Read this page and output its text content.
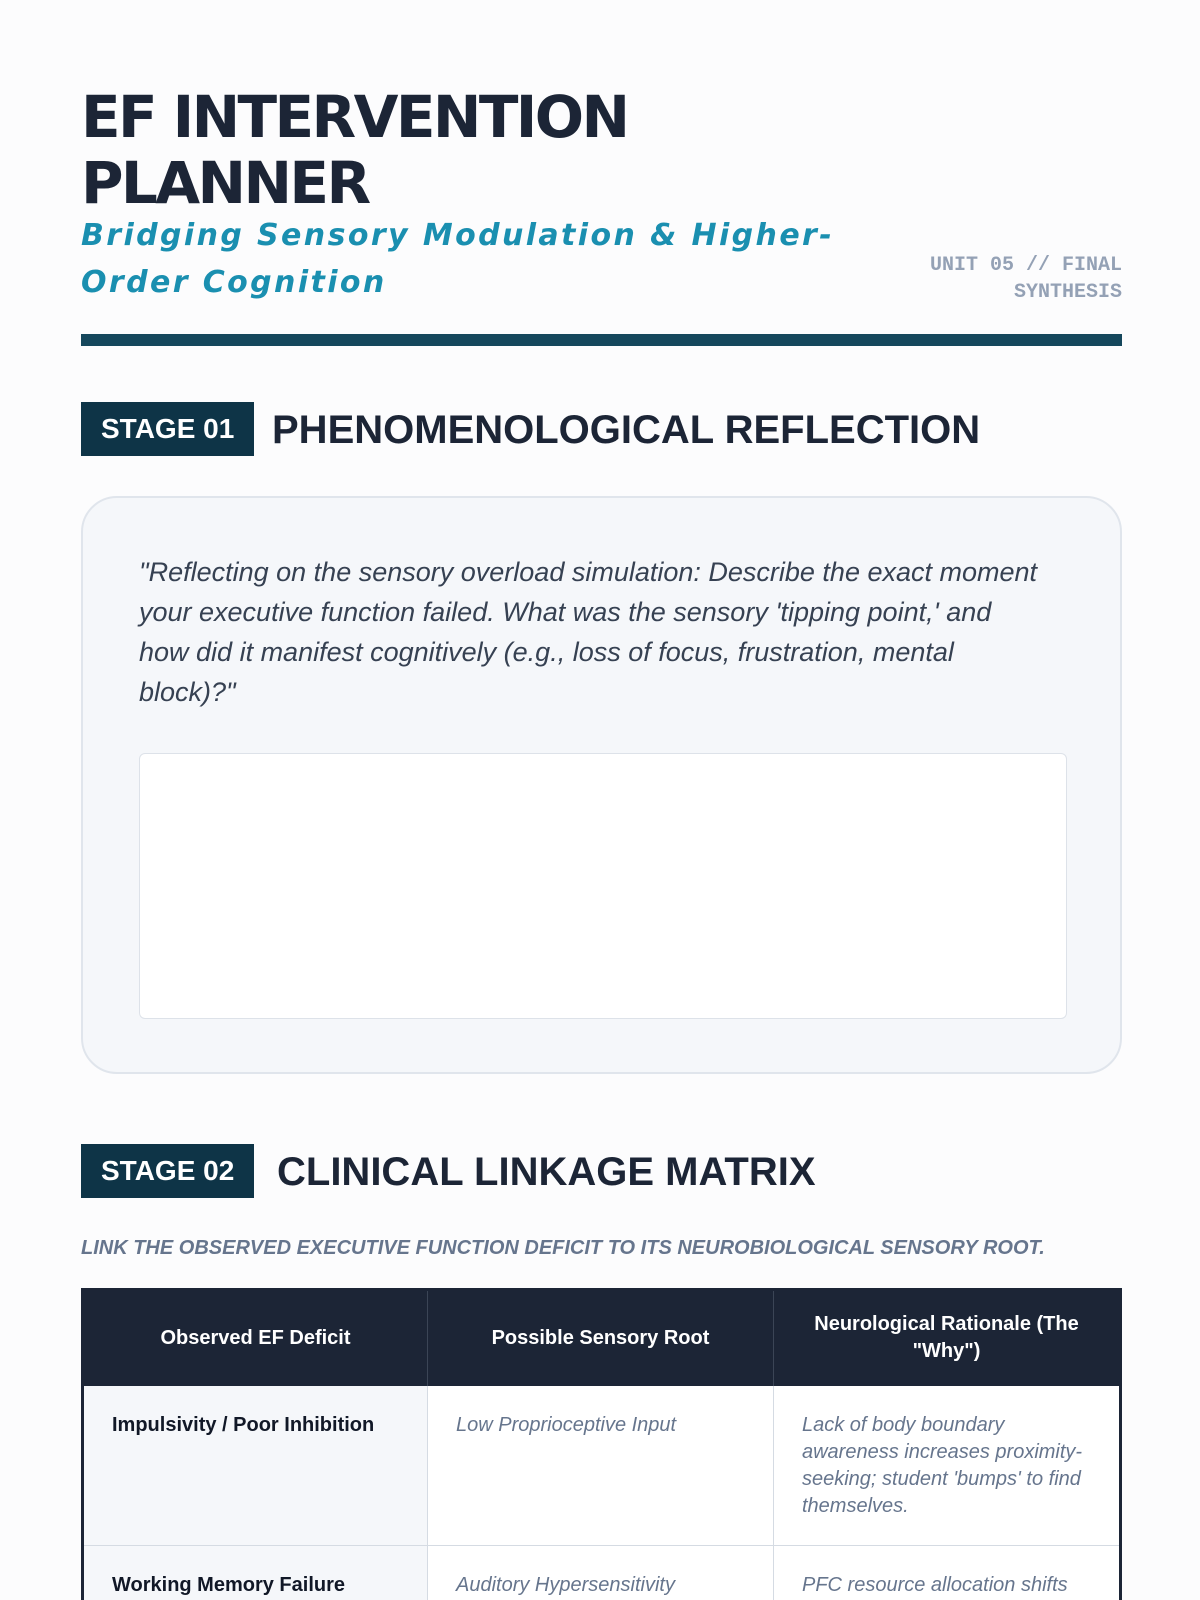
EF INTERVENTION PLANNER
Bridging Sensory Modulation & Higher-Order Cognition	UNIT 05 // FINAL SYNTHESIS
STAGE 01 PHENOMENOLOGICAL REFLECTION

"Reflecting on the sensory overload simulation: Describe the exact moment your executive function failed. What was the sensory 'tipping point,' and how did it manifest cognitively (e.g., loss of focus, frustration, mental block)?"

STAGE 02	CLINICAL LINKAGE MATRIX

LINK THE OBSERVED EXECUTIVE FUNCTION DEFICIT TO ITS NEUROBIOLOGICAL SENSORY ROOT.

Observed EF Deficit	Possible Sensory Root	Neurological Rationale (The "Why")
Impulsivity / Poor Inhibition	Low Proprioceptive Input	Lack of body boundary awareness increases proximity-seeking; student 'bumps' to find themselves.
Working Memory Failure	Auditory Hypersensitivity	PFC resource allocation shifts
